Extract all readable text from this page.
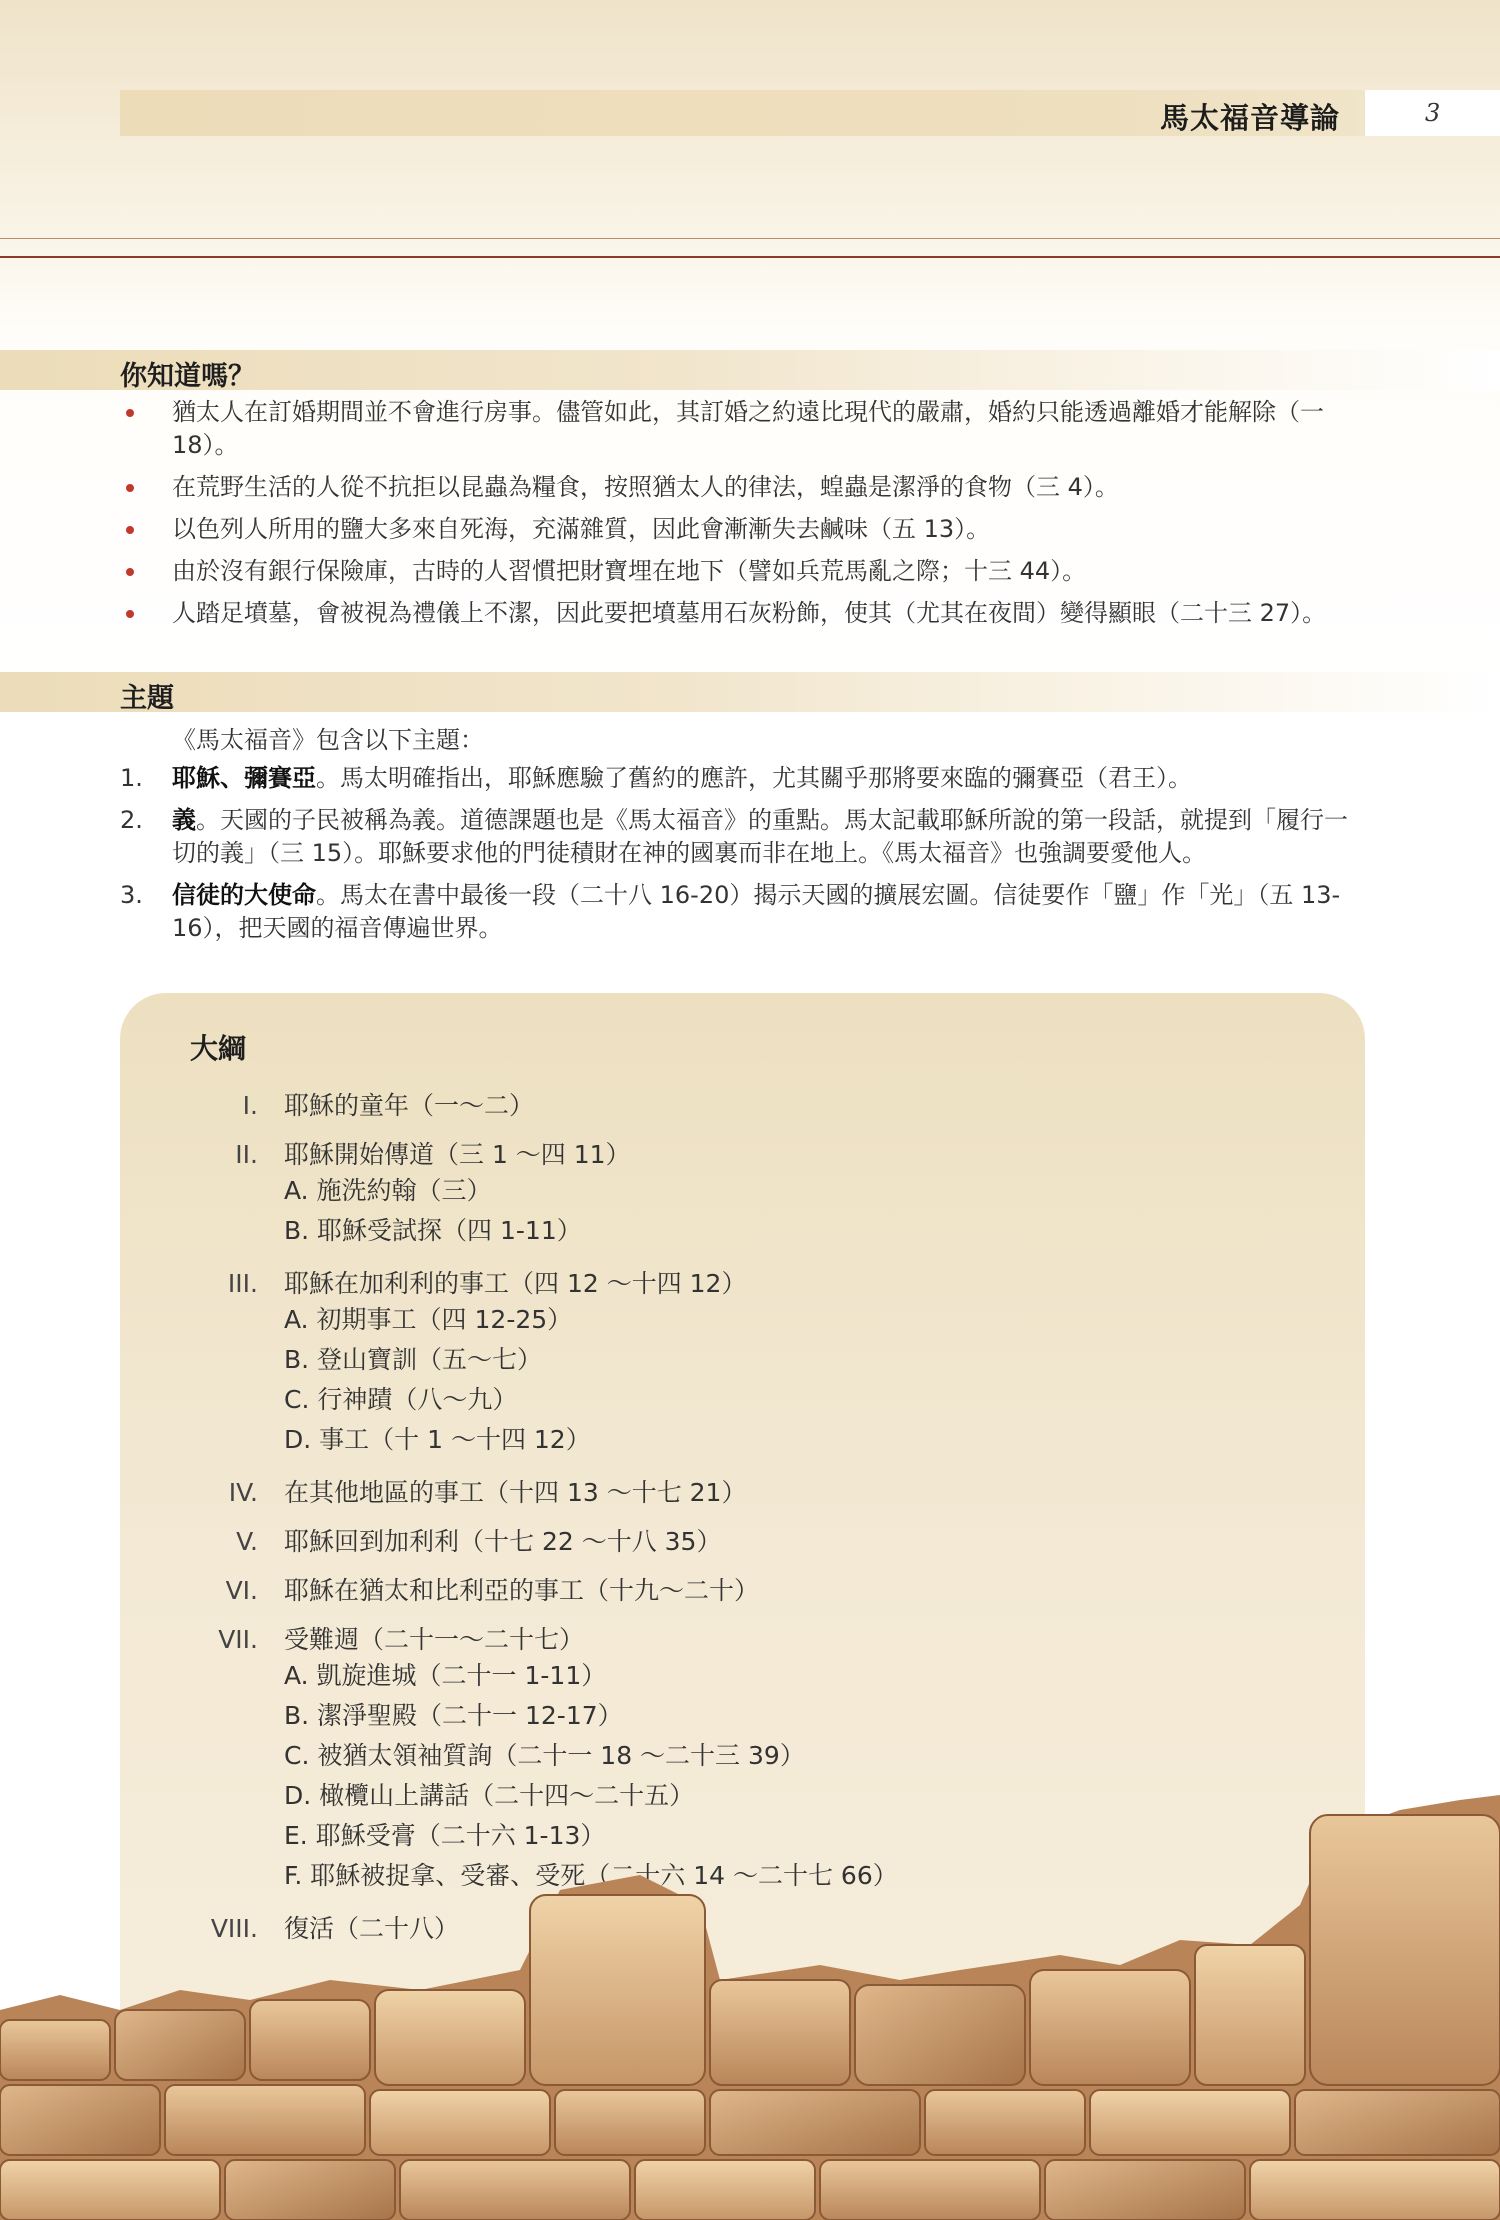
馬太福音導論	3
你知道嗎？
猶太人在訂婚期間並不會進行房事。儘管如此，其訂婚之約遠比現代的嚴肅，婚約只能透過離婚才能解除（一18）。
在荒野生活的人從不抗拒以昆蟲為糧食，按照猶太人的律法，蝗蟲是潔淨的食物（三 4）。
以色列人所用的鹽大多來自死海，充滿雜質，因此會漸漸失去鹹味（五 13）。
由於沒有銀行保險庫，古時的人習慣把財寶埋在地下（譬如兵荒馬亂之際；十三 44）。
人踏足墳墓，會被視為禮儀上不潔，因此要把墳墓用石灰粉飾，使其（尤其在夜間）變得顯眼（二十三 27）。
主題
《馬太福音》包含以下主題：
1. 耶穌、彌賽亞。馬太明確指出，耶穌應驗了舊約的應許，尤其關乎那將要來臨的彌賽亞（君王）。
2. 義。天國的子民被稱為義。道德課題也是《馬太福音》的重點。馬太記載耶穌所說的第一段話，就提到「履行一切的義」（三 15）。耶穌要求他的門徒積財在神的國裏而非在地上。《馬太福音》也強調要愛他人。
3. 信徒的大使命。馬太在書中最後一段（二十八 16-20）揭示天國的擴展宏圖。信徒要作「鹽」作「光」（五 13-16），把天國的福音傳遍世界。
大綱
I. 耶穌的童年（一～二）
II. 耶穌開始傳道（三 1 ～四 11）
A. 施洗約翰（三）
B. 耶穌受試探（四 1-11）
III. 耶穌在加利利的事工（四 12 ～十四 12）
A. 初期事工（四 12-25）
B. 登山寶訓（五～七）
C. 行神蹟（八～九）
D. 事工（十 1 ～十四 12）
IV. 在其他地區的事工（十四 13 ～十七 21）
V. 耶穌回到加利利（十七 22 ～十八 35）
VI. 耶穌在猶太和比利亞的事工（十九～二十）
VII. 受難週（二十一～二十七）
A. 凱旋進城（二十一 1-11）
B. 潔淨聖殿（二十一 12-17）
C. 被猶太領袖質詢（二十一 18 ～二十三 39）
D. 橄欖山上講話（二十四～二十五）
E. 耶穌受膏（二十六 1-13）
F. 耶穌被捉拿、受審、受死（二十六 14 ～二十七 66）
VIII. 復活（二十八）
